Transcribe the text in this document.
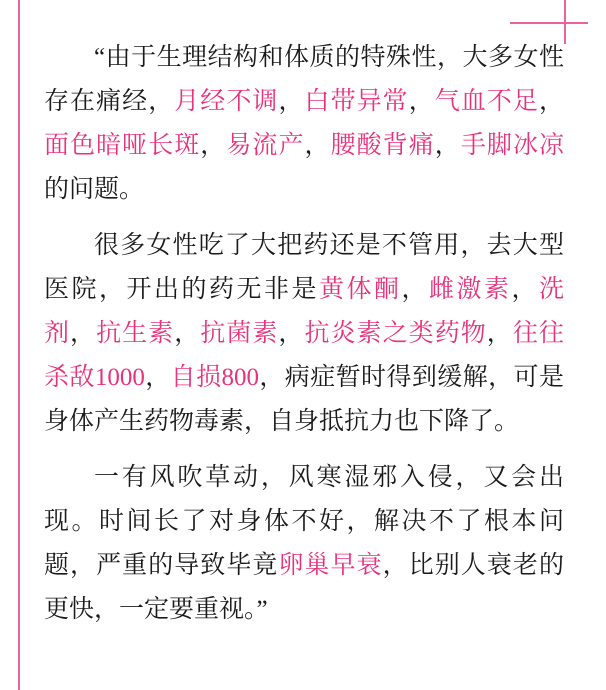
“由于生理结构和体质的特殊性，大多女性存在痛经，月经不调，白带异常，气血不足，面色暗哑长斑，易流产，腰酸背痛，手脚冰凉的问题。

很多女性吃了大把药还是不管用，去大型医院，开出的药无非是黄体酮，雌激素，洗剂，抗生素，抗菌素，抗炎素之类药物，往往杀敌1000，自损800，病症暂时得到缓解，可是身体产生药物毒素，自身抵抗力也下降了。

一有风吹草动，风寒湿邪入侵，又会出现。时间长了对身体不好，解决不了根本问题，严重的导致毕竟卵巢早衰，比别人衰老的更快，一定要重视。”
